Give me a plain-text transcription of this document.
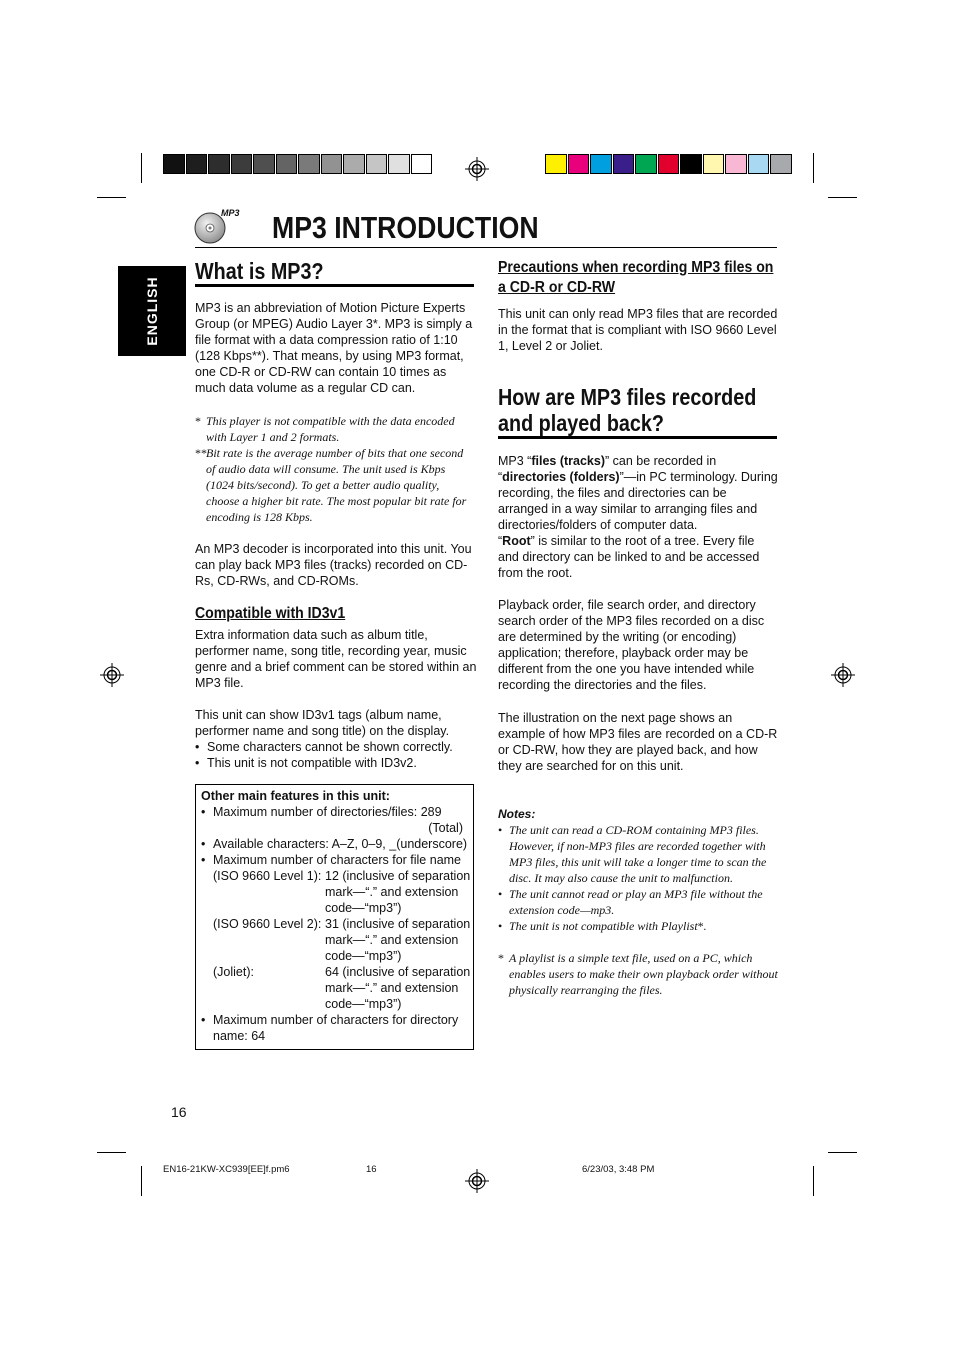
MP3 MP3 INTRODUCTION
ENGLISH
What is MP3?
MP3 is an abbreviation of Motion Picture Experts Group (or MPEG) Audio Layer 3*. MP3 is simply a file format with a data compression ratio of 1:10 (128 Kbps**). That means, by using MP3 format, one CD-R or CD-RW can contain 10 times as much data volume as a regular CD can.
* This player is not compatible with the data encoded with Layer 1 and 2 formats.
** Bit rate is the average number of bits that one second of audio data will consume. The unit used is Kbps (1024 bits/second). To get a better audio quality, choose a higher bit rate. The most popular bit rate for encoding is 128 Kbps.
An MP3 decoder is incorporated into this unit. You can play back MP3 files (tracks) recorded on CD-Rs, CD-RWs, and CD-ROMs.
Compatible with ID3v1
Extra information data such as album title, performer name, song title, recording year, music genre and a brief comment can be stored within an MP3 file.
This unit can show ID3v1 tags (album name, performer name and song title) on the display.
• Some characters cannot be shown correctly.
• This unit is not compatible with ID3v2.
Other main features in this unit:
• Maximum number of directories/files: 289
(Total)
• Available characters: A–Z, 0–9, _(underscore)
• Maximum number of characters for file name
(ISO 9660 Level 1): 12 (inclusive of separation mark—“.” and extension code—“mp3”)
(ISO 9660 Level 2): 31 (inclusive of separation mark—“.” and extension code—“mp3”)
(Joliet):	64 (inclusive of separation mark—“.” and extension code—“mp3”)
• Maximum number of characters for directory name: 64
Precautions when recording MP3 files on a CD-R or CD-RW
This unit can only read MP3 files that are recorded in the format that is compliant with ISO 9660 Level 1, Level 2 or Joliet.
How are MP3 files recorded and played back?
MP3 “files (tracks)” can be recorded in “directories (folders)”—in PC terminology. During recording, the files and directories can be arranged in a way similar to arranging files and directories/folders of computer data.
“Root” is similar to the root of a tree. Every file and directory can be linked to and be accessed from the root.
Playback order, file search order, and directory search order of the MP3 files recorded on a disc are determined by the writing (or encoding) application; therefore, playback order may be different from the one you have intended while recording the directories and the files.
The illustration on the next page shows an example of how MP3 files are recorded on a CD-R or CD-RW, how they are played back, and how they are searched for on this unit.
Notes:
• The unit can read a CD-ROM containing MP3 files. However, if non-MP3 files are recorded together with MP3 files, this unit will take a longer time to scan the disc. It may also cause the unit to malfunction.
• The unit cannot read or play an MP3 file without the extension code—mp3.
• The unit is not compatible with Playlist*.
* A playlist is a simple text file, used on a PC, which enables users to make their own playback order without physically rearranging the files.
16
EN16-21KW-XC939[EE]f.pm6	16	6/23/03, 3:48 PM
